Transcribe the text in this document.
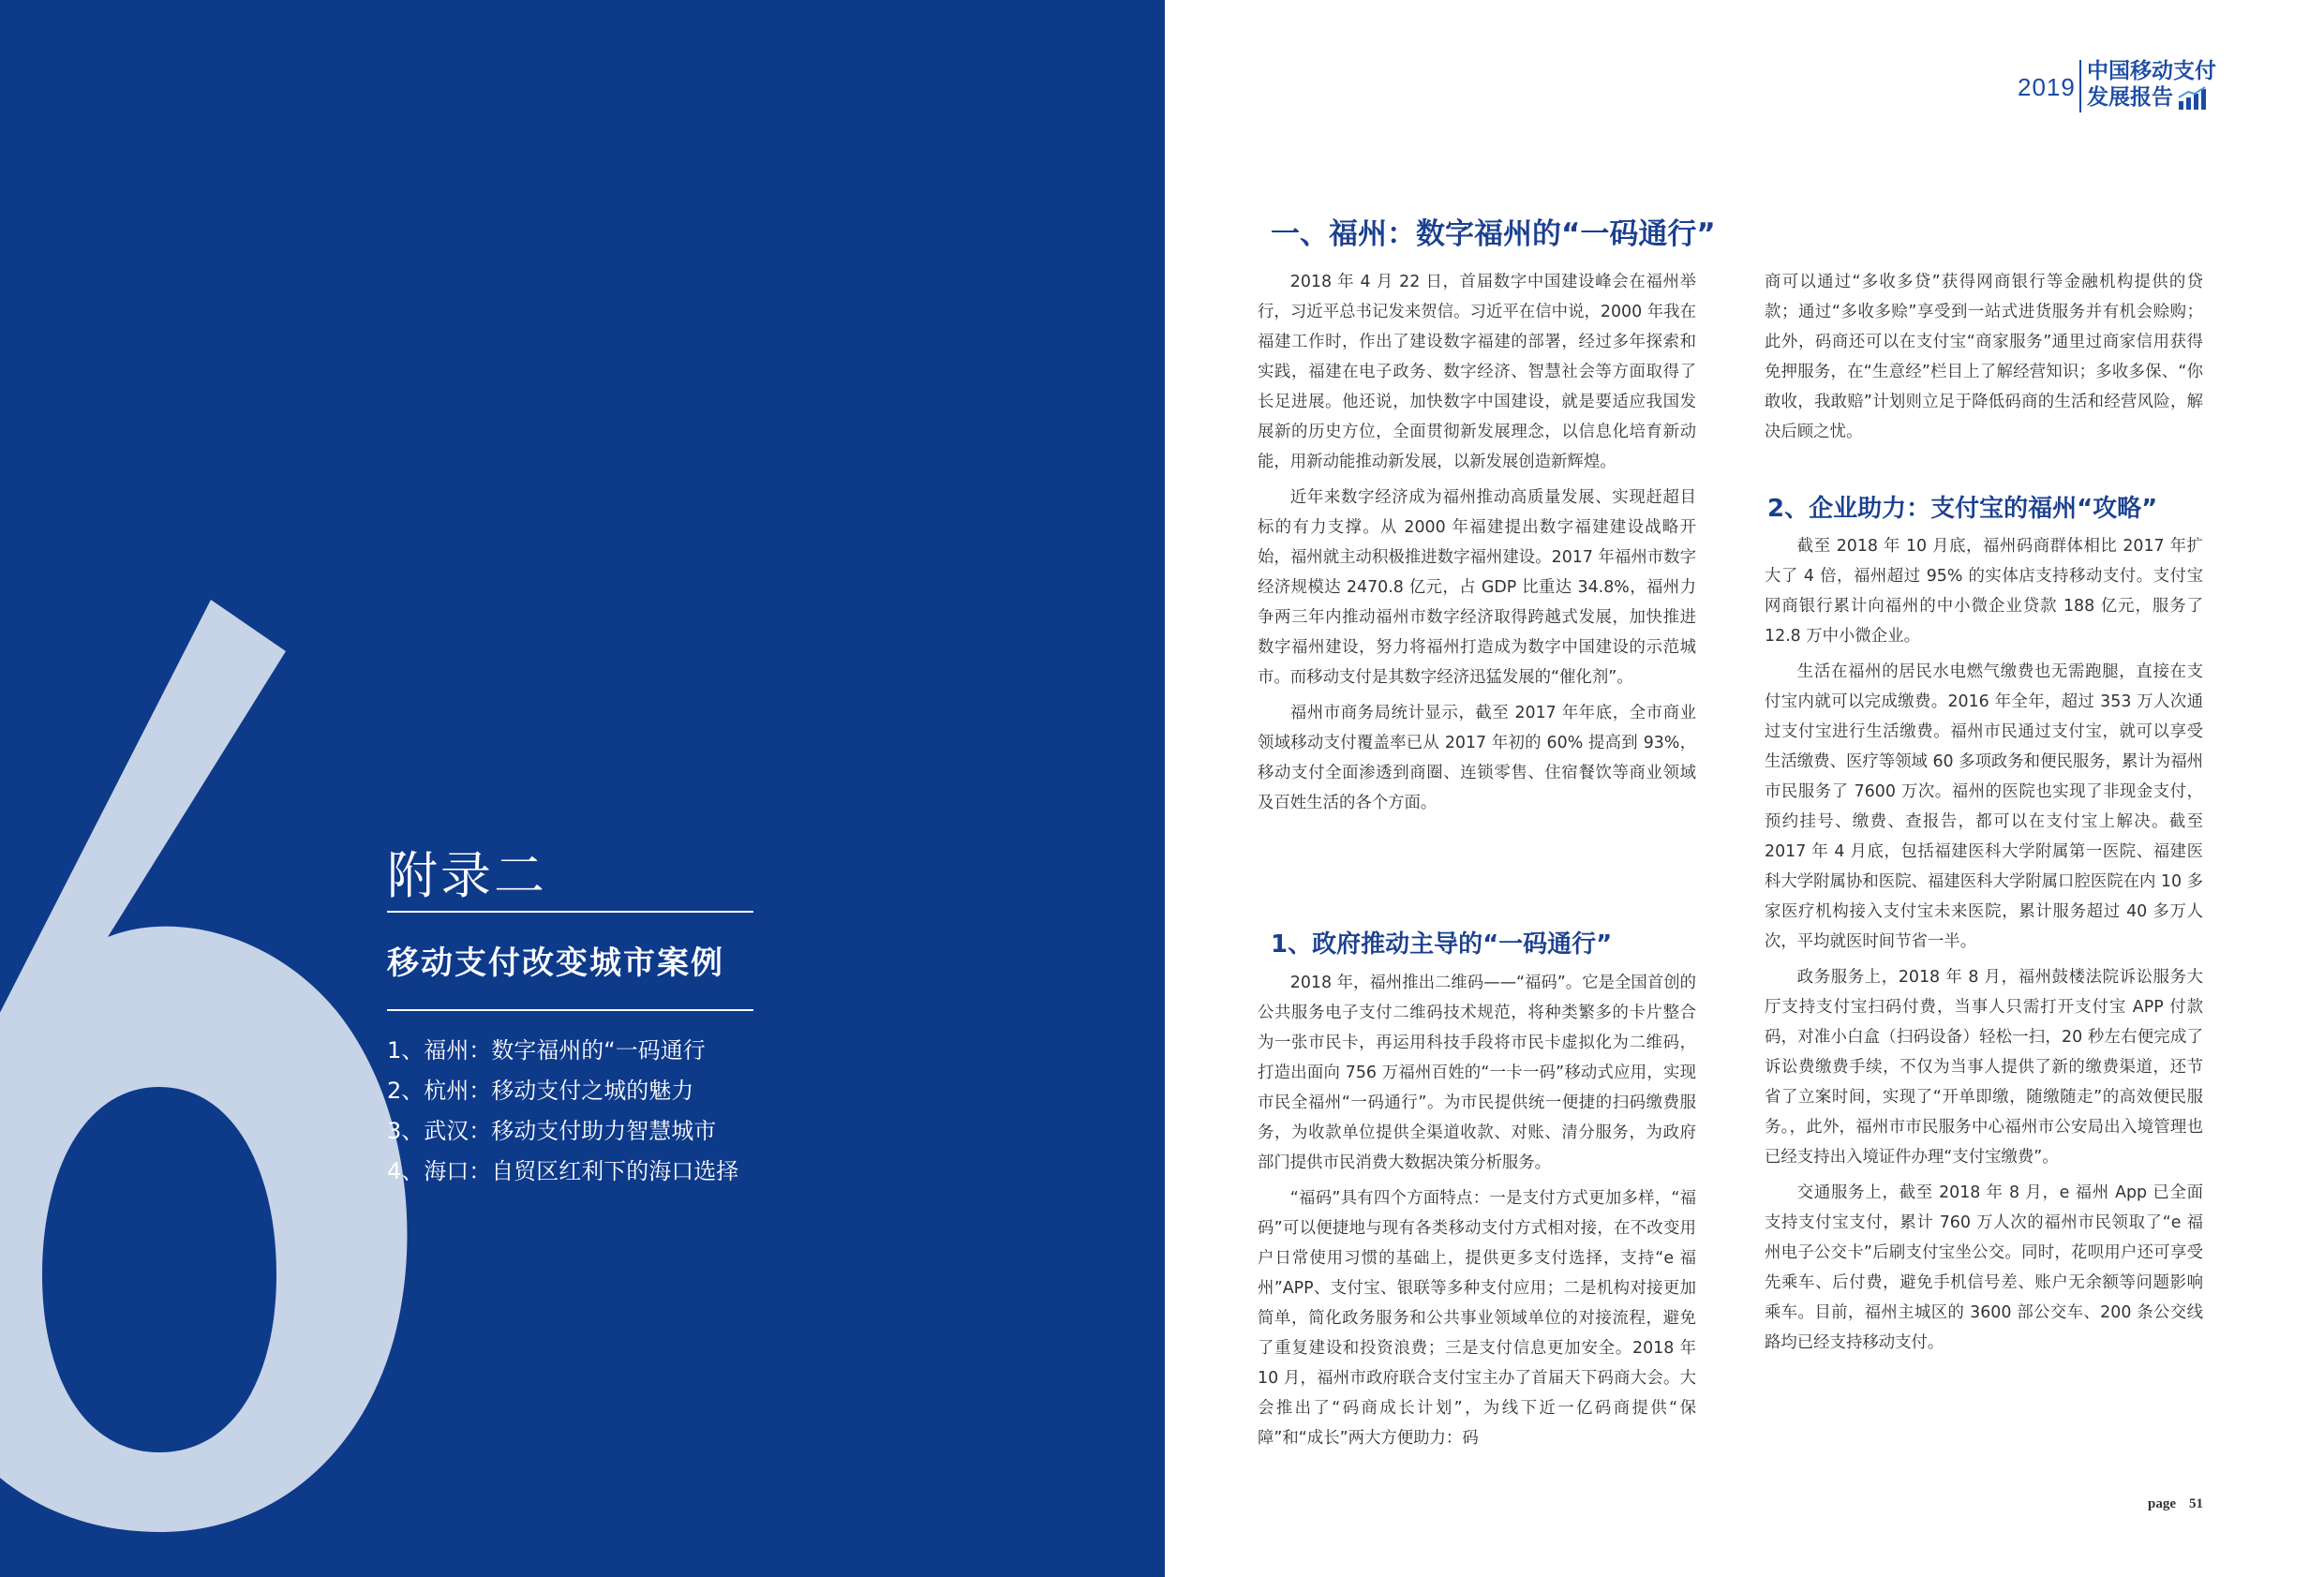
附录二
移动支付改变城市案例
1、福州：数字福州的“一码通行
2、杭州：移动支付之城的魅力
3、武汉：移动支付助力智慧城市
4、海口：自贸区红利下的海口选择
2019
中国移动支付
发展报告
一、福州：数字福州的“一码通行”

2018 年 4 月 22 日，首届数字中国建设峰会在福州举行，习近平总书记发来贺信。习近平在信中说，2000 年我在福建工作时，作出了建设数字福建的部署，经过多年探索和实践，福建在电子政务、数字经济、智慧社会等方面取得了长足进展。他还说，加快数字中国建设，就是要适应我国发展新的历史方位，全面贯彻新发展理念，以信息化培育新动能，用新动能推动新发展，以新发展创造新辉煌。

近年来数字经济成为福州推动高质量发展、实现赶超目标的有力支撑。从 2000 年福建提出数字福建建设战略开始，福州就主动积极推进数字福州建设。2017 年福州市数字经济规模达 2470.8 亿元，占 GDP 比重达 34.8%，福州力争两三年内推动福州市数字经济取得跨越式发展，加快推进数字福州建设，努力将福州打造成为数字中国建设的示范城市。而移动支付是其数字经济迅猛发展的“催化剂”。

福州市商务局统计显示，截至 2017 年年底，全市商业领域移动支付覆盖率已从 2017 年初的 60% 提高到 93%，移动支付全面渗透到商圈、连锁零售、住宿餐饮等商业领域及百姓生活的各个方面。

1、政府推动主导的“一码通行”

2018 年，福州推出二维码——“福码”。它是全国首创的公共服务电子支付二维码技术规范，将种类繁多的卡片整合为一张市民卡，再运用科技手段将市民卡虚拟化为二维码，打造出面向 756 万福州百姓的“一卡一码”移动式应用，实现市民全福州“一码通行”。为市民提供统一便捷的扫码缴费服务，为收款单位提供全渠道收款、对账、清分服务，为政府部门提供市民消费大数据决策分析服务。

“福码”具有四个方面特点：一是支付方式更加多样，“福码”可以便捷地与现有各类移动支付方式相对接，在不改变用户日常使用习惯的基础上，提供更多支付选择，支持“e 福州”APP、支付宝、银联等多种支付应用；二是机构对接更加简单，简化政务服务和公共事业领域单位的对接流程，避免了重复建设和投资浪费；三是支付信息更加安全。2018 年 10 月，福州市政府联合支付宝主办了首届天下码商大会。大会推出了“码商成长计划”，为线下近一亿码商提供“保障”和“成长”两大方便助力：码

商可以通过“多收多贷”获得网商银行等金融机构提供的贷款；通过“多收多赊”享受到一站式进货服务并有机会赊购；此外，码商还可以在支付宝“商家服务”通里过商家信用获得免押服务，在“生意经”栏目上了解经营知识；多收多保、“你敢收，我敢赔”计划则立足于降低码商的生活和经营风险，解决后顾之忧。

2、企业助力：支付宝的福州“攻略”

截至 2018 年 10 月底，福州码商群体相比 2017 年扩大了 4 倍，福州超过 95% 的实体店支持移动支付。支付宝网商银行累计向福州的中小微企业贷款 188 亿元，服务了 12.8 万中小微企业。

生活在福州的居民水电燃气缴费也无需跑腿，直接在支付宝内就可以完成缴费。2016 年全年，超过 353 万人次通过支付宝进行生活缴费。福州市民通过支付宝，就可以享受生活缴费、医疗等领域 60 多项政务和便民服务，累计为福州市民服务了 7600 万次。福州的医院也实现了非现金支付，预约挂号、缴费、查报告，都可以在支付宝上解决。截至 2017 年 4 月底，包括福建医科大学附属第一医院、福建医科大学附属协和医院、福建医科大学附属口腔医院在内 10 多家医疗机构接入支付宝未来医院，累计服务超过 40 多万人次，平均就医时间节省一半。

政务服务上，2018 年 8 月，福州鼓楼法院诉讼服务大厅支持支付宝扫码付费，当事人只需打开支付宝 APP 付款码，对准小白盒（扫码设备）轻松一扫，20 秒左右便完成了诉讼费缴费手续，不仅为当事人提供了新的缴费渠道，还节省了立案时间，实现了“开单即缴，随缴随走”的高效便民服务。，此外，福州市市民服务中心福州市公安局出入境管理也已经支持出入境证件办理“支付宝缴费”。

交通服务上，截至 2018 年 8 月，e 福州 App 已全面支持支付宝支付，累计 760 万人次的福州市民领取了“e 福州电子公交卡”后刷支付宝坐公交。同时，花呗用户还可享受先乘车、后付费，避免手机信号差、账户无余额等问题影响乘车。目前，福州主城区的 3600 部公交车、200 条公交线路均已经支持移动支付。

page 51
